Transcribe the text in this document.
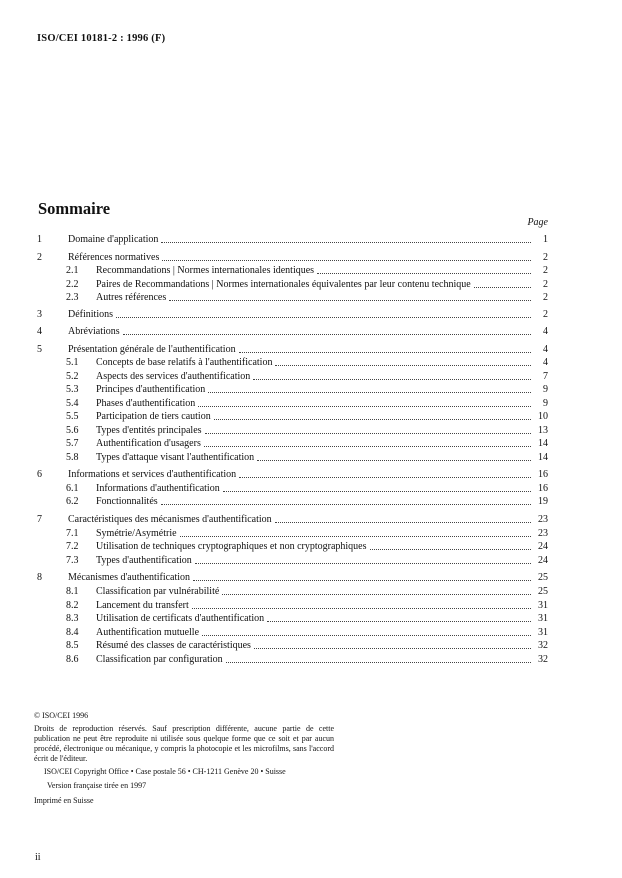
ISO/CEI 10181-2 : 1996 (F)
Sommaire
Page
1	Domaine d'application	1
2	Références normatives	2
2.1	Recommandations | Normes internationales identiques	2
2.2	Paires de Recommandations | Normes internationales équivalentes par leur contenu technique	2
2.3	Autres références	2
3	Définitions	2
4	Abréviations	4
5	Présentation générale de l'authentification	4
5.1	Concepts de base relatifs à l'authentification	4
5.2	Aspects des services d'authentification	7
5.3	Principes d'authentification	9
5.4	Phases d'authentification	9
5.5	Participation de tiers caution	10
5.6	Types d'entités principales	13
5.7	Authentification d'usagers	14
5.8	Types d'attaque visant l'authentification	14
6	Informations et services d'authentification	16
6.1	Informations d'authentification	16
6.2	Fonctionnalités	19
7	Caractéristiques des mécanismes d'authentification	23
7.1	Symétrie/Asymétrie	23
7.2	Utilisation de techniques cryptographiques et non cryptographiques	24
7.3	Types d'authentification	24
8	Mécanismes d'authentification	25
8.1	Classification par vulnérabilité	25
8.2	Lancement du transfert	31
8.3	Utilisation de certificats d'authentification	31
8.4	Authentification mutuelle	31
8.5	Résumé des classes de caractéristiques	32
8.6	Classification par configuration	32
© ISO/CEI 1996
Droits de reproduction réservés. Sauf prescription différente, aucune partie de cette publication ne peut être reproduite ni utilisée sous quelque forme que ce soit et par aucun procédé, électronique ou mécanique, y compris la photocopie et les microfilms, sans l'accord écrit de l'éditeur.
ISO/CEI Copyright Office • Case postale 56 • CH-1211 Genève 20 • Suisse
Version française tirée en 1997
Imprimé en Suisse
ii
